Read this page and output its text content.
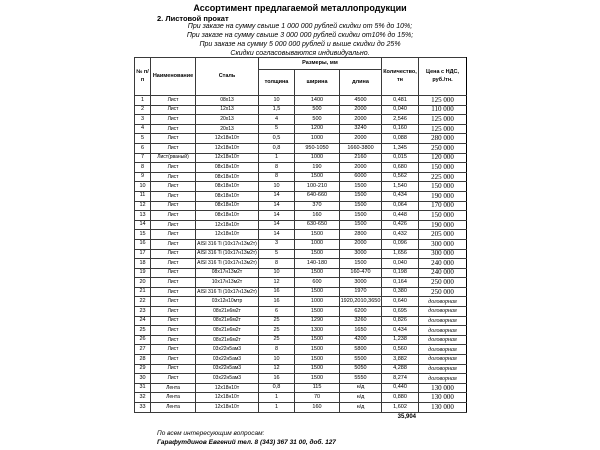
Ассортимент предлагаемой металлопродукции
2. Листовой прокат
При заказе на сумму свыше 1 000 000 рублей скидки от 5% до 10%;
При заказе на сумму свыше 3 000 000 рублей скидки от10% до 15%;
При заказе на сумму 5 000 000 рублей и выше скидки до 25%
Скидки согласовываются индивидуально.
№ п/п	Наименование	Сталь	Размеры, мм			Количество, тн	Цена с НДС, руб./тн.
			толщина	ширина	длина		
1	Лист	08х13	10	1400	4500	0,481	125 000
2	Лист	12х13	1,5	500	2000	0,040	110 000
3	Лист	20х13	4	500	2000	2,546	125 000
4	Лист	20х13	5	1200	3240	0,160	125 000
5	Лист	12х18н10т	0,5	1000	2000	0,088	280 000
6	Лист	12х18н10т	0,8	950-1050	1660-3800	1,345	250 000
7	Лист(рваный)	12х18н10т	1	1000	2160	0,015	120 000
8	Лист	08х18н10т	8	190	2000	0,680	150 000
9	Лист	08х18н10т	8	1500	6000	0,562	225 000
10	Лист	08х18н10т	10	100-210	1500	1,540	150 000
11	Лист	08х18н10т	14	640-660	1500	0,434	190 000
12	Лист	08х18н10т	14	370	1500	0,064	170 000
13	Лист	08х18н10т	14	160	1500	0,448	150 000
14	Лист	12х18н10т	14	630-650	1500	0,426	190 000
15	Лист	12х18н10т	14	1500	2800	0,432	205 000
16	Лист	AISI 316 Ti (10х17н13м2т)	3	1000	2000	0,096	300 000
17	Лист	AISI 316 Ti (10х17н13м2т)	5	1500	3000	1,656	300 000
18	Лист	AISI 316 Ti (10х17н13м2т)	8	140-180	1500	0,040	240 000
19	Лист	08х17н13м2т	10	1500	160-470	0,198	240 000
20	Лист	10х17н13м2т	12	600	3000	0,164	250 000
21	Лист	AISI 316 Ti (10х17н13м2т)	16	1500	1970	0,380	250 000
22	Лист	03х12н10мтр	16	1000	1920,2010,3650	0,640	договорная
23	Лист	08х21н6м2т	6	1500	6200	0,695	договорная
24	Лист	08х21н6м2т	25	1290	3260	0,826	договорная
25	Лист	08х21н6м2т	25	1300	1650	0,434	договорная
26	Лист	08х21н6м2т	25	1500	4200	1,238	договорная
27	Лист	03х22н5ам3	8	1500	5800	0,560	договорная
28	Лист	03х22н5ам3	10	1500	5500	3,882	договорная
29	Лист	03х22н5ам3	12	1500	5050	4,288	договорная
30	Лист	03х22н5ам3	16	1500	5550	8,274	договорная
31	Лента	12х18н10т	0,8	115	н/д	0,440	130 000
32	Лента	12х18н10т	1	70	н/д	0,880	130 000
33	Лента	12х18н10т	1	160	н/д	1,602	130 000
35,904
По всем интересующим вопросам:
Гарафутдинов Евгений тел. 8 (343) 367 31 00, доб. 127
